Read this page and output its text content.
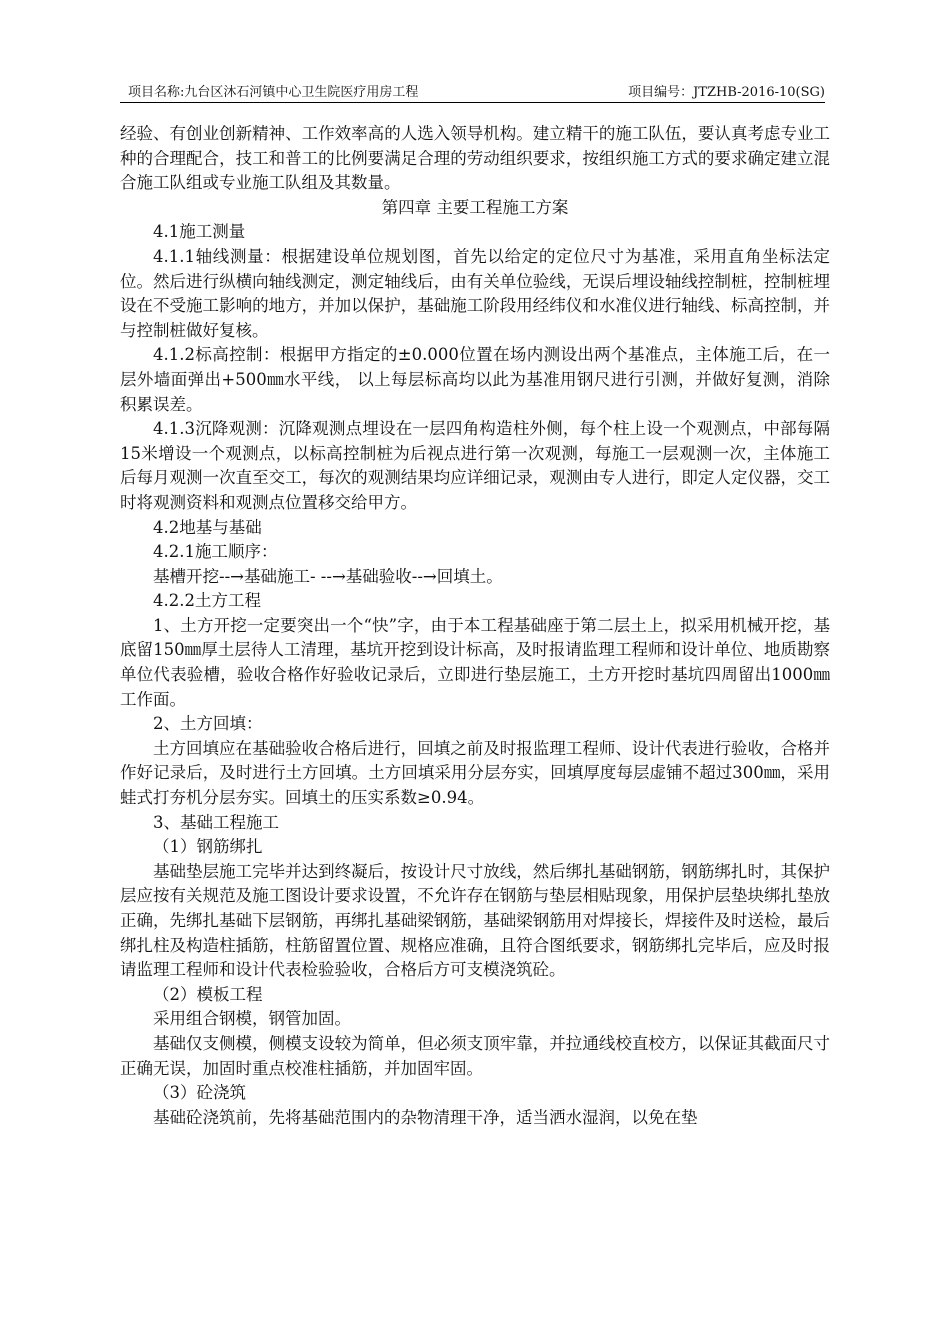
项目名称:九台区沐石河镇中心卫生院医疗用房工程	项目编号：JTZHB-2016-10(SG)

经验、有创业创新精神、工作效率高的人选入领导机构。建立精干的施工队伍，要认真考虑专业工种的合理配合，技工和普工的比例要满足合理的劳动组织要求，按组织施工方式的要求确定建立混合施工队组或专业施工队组及其数量。

第四章 主要工程施工方案

4.1施工测量

4.1.1轴线测量：根据建设单位规划图，首先以给定的定位尺寸为基准，采用直角坐标法定位。然后进行纵横向轴线测定，测定轴线后，由有关单位验线，无误后埋设轴线控制桩，控制桩埋设在不受施工影响的地方，并加以保护，基础施工阶段用经纬仪和水准仪进行轴线、标高控制，并与控制桩做好复核。

4.1.2标高控制：根据甲方指定的±0.000位置在场内测设出两个基准点，主体施工后，在一层外墙面弹出+500㎜水平线， 以上每层标高均以此为基准用钢尺进行引测，并做好复测，消除积累误差。

4.1.3沉降观测：沉降观测点埋设在一层四角构造柱外侧，每个柱上设一个观测点，中部每隔15米增设一个观测点，以标高控制桩为后视点进行第一次观测，每施工一层观测一次，主体施工后每月观测一次直至交工，每次的观测结果均应详细记录，观测由专人进行，即定人定仪器，交工时将观测资料和观测点位置移交给甲方。

4.2地基与基础

4.2.1施工顺序：

基槽开挖--→基础施工- --→基础验收--→回填土。

4.2.2土方工程

1、土方开挖一定要突出一个“快”字，由于本工程基础座于第二层土上，拟采用机械开挖，基底留150㎜厚土层待人工清理，基坑开挖到设计标高，及时报请监理工程师和设计单位、地质勘察单位代表验槽，验收合格作好验收记录后，立即进行垫层施工，土方开挖时基坑四周留出1000㎜工作面。

2、土方回填：

土方回填应在基础验收合格后进行，回填之前及时报监理工程师、设计代表进行验收，合格并作好记录后，及时进行土方回填。土方回填采用分层夯实，回填厚度每层虚铺不超过300㎜，采用蛙式打夯机分层夯实。回填土的压实系数≥0.94。

3、基础工程施工

（1）钢筋绑扎

基础垫层施工完毕并达到终凝后，按设计尺寸放线，然后绑扎基础钢筋，钢筋绑扎时，其保护层应按有关规范及施工图设计要求设置，不允许存在钢筋与垫层相贴现象，用保护层垫块绑扎垫放正确，先绑扎基础下层钢筋，再绑扎基础梁钢筋，基础梁钢筋用对焊接长，焊接件及时送检，最后绑扎柱及构造柱插筋，柱筋留置位置、规格应准确，且符合图纸要求，钢筋绑扎完毕后，应及时报请监理工程师和设计代表检验验收，合格后方可支模浇筑砼。

（2）模板工程

采用组合钢模，钢管加固。

基础仅支侧模，侧模支设较为简单，但必须支顶牢靠，并拉通线校直校方，以保证其截面尺寸正确无误，加固时重点校准柱插筋，并加固牢固。

（3）砼浇筑

基础砼浇筑前，先将基础范围内的杂物清理干净，适当洒水湿润，以免在垫
